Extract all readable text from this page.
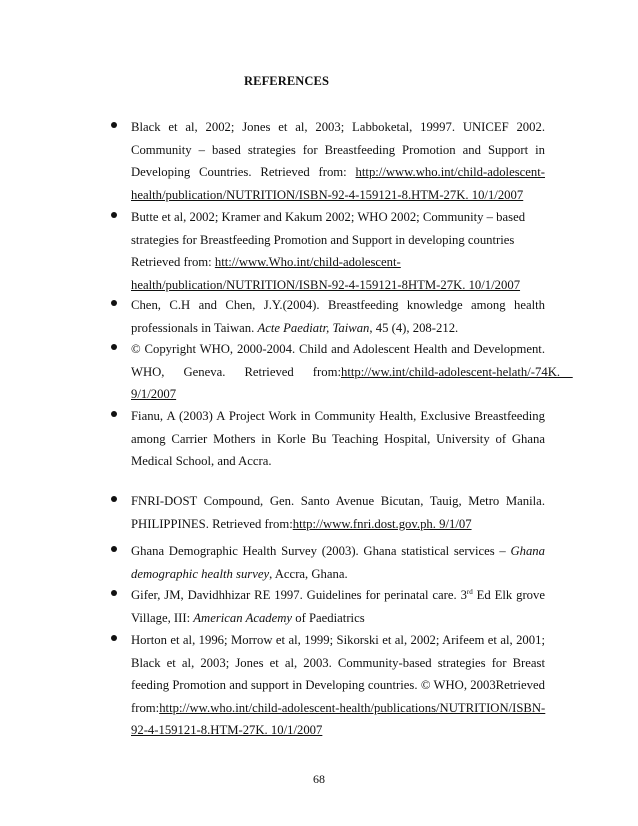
REFERENCES
Black et al, 2002; Jones et al, 2003; Labboketal, 19997. UNICEF 2002.
Community – based strategies for Breastfeeding Promotion and Support in
Developing Countries. Retrieved from: http://www.who.int/child-adolescent-
health/publication/NUTRITION/ISBN-92-4-159121-8.HTM-27K. 10/1/2007
Butte et al, 2002; Kramer and Kakum 2002; WHO 2002; Community – based
strategies for Breastfeeding Promotion and Support in developing countries
Retrieved from: htt://www.Who.int/child-adolescent-
health/publication/NUTRITION/ISBN-92-4-159121-8HTM-27K. 10/1/2007
Chen, C.H and Chen, J.Y.(2004). Breastfeeding knowledge among health
professionals in Taiwan. Acte Paediatr, Taiwan, 45 (4), 208-212.
© Copyright WHO, 2000-2004. Child and Adolescent Health and Development.
WHO,      Geneva.      Retrieved      from:http://ww.int/child-adolescent-helath/-74K.
9/1/2007
Fianu, A (2003) A Project Work in Community Health, Exclusive Breastfeeding
among Carrier Mothers in Korle Bu Teaching Hospital, University of Ghana
Medical School, and Accra.
FNRI-DOST Compound, Gen. Santo Avenue Bicutan, Tauig, Metro Manila.
PHILIPPINES. Retrieved from:http://www.fnri.dost.gov.ph. 9/1/07
Ghana Demographic Health Survey (2003). Ghana statistical services – Ghana
demographic health survey, Accra, Ghana.
Gifer, JM, Davidhhizar RE 1997. Guidelines for perinatal care. 3rd Ed Elk grove
Village, III: American Academy of Paediatrics
Horton et al, 1996; Morrow et al, 1999; Sikorski et al, 2002; Arifeem et al, 2001;
Black et al, 2003; Jones et al, 2003. Community-based strategies for Breast
feeding Promotion and support in Developing countries. © WHO, 2003Retrieved
from:http://ww.who.int/child-adolescent-health/publications/NUTRITION/ISBN-
92-4-159121-8.HTM-27K. 10/1/2007
68
